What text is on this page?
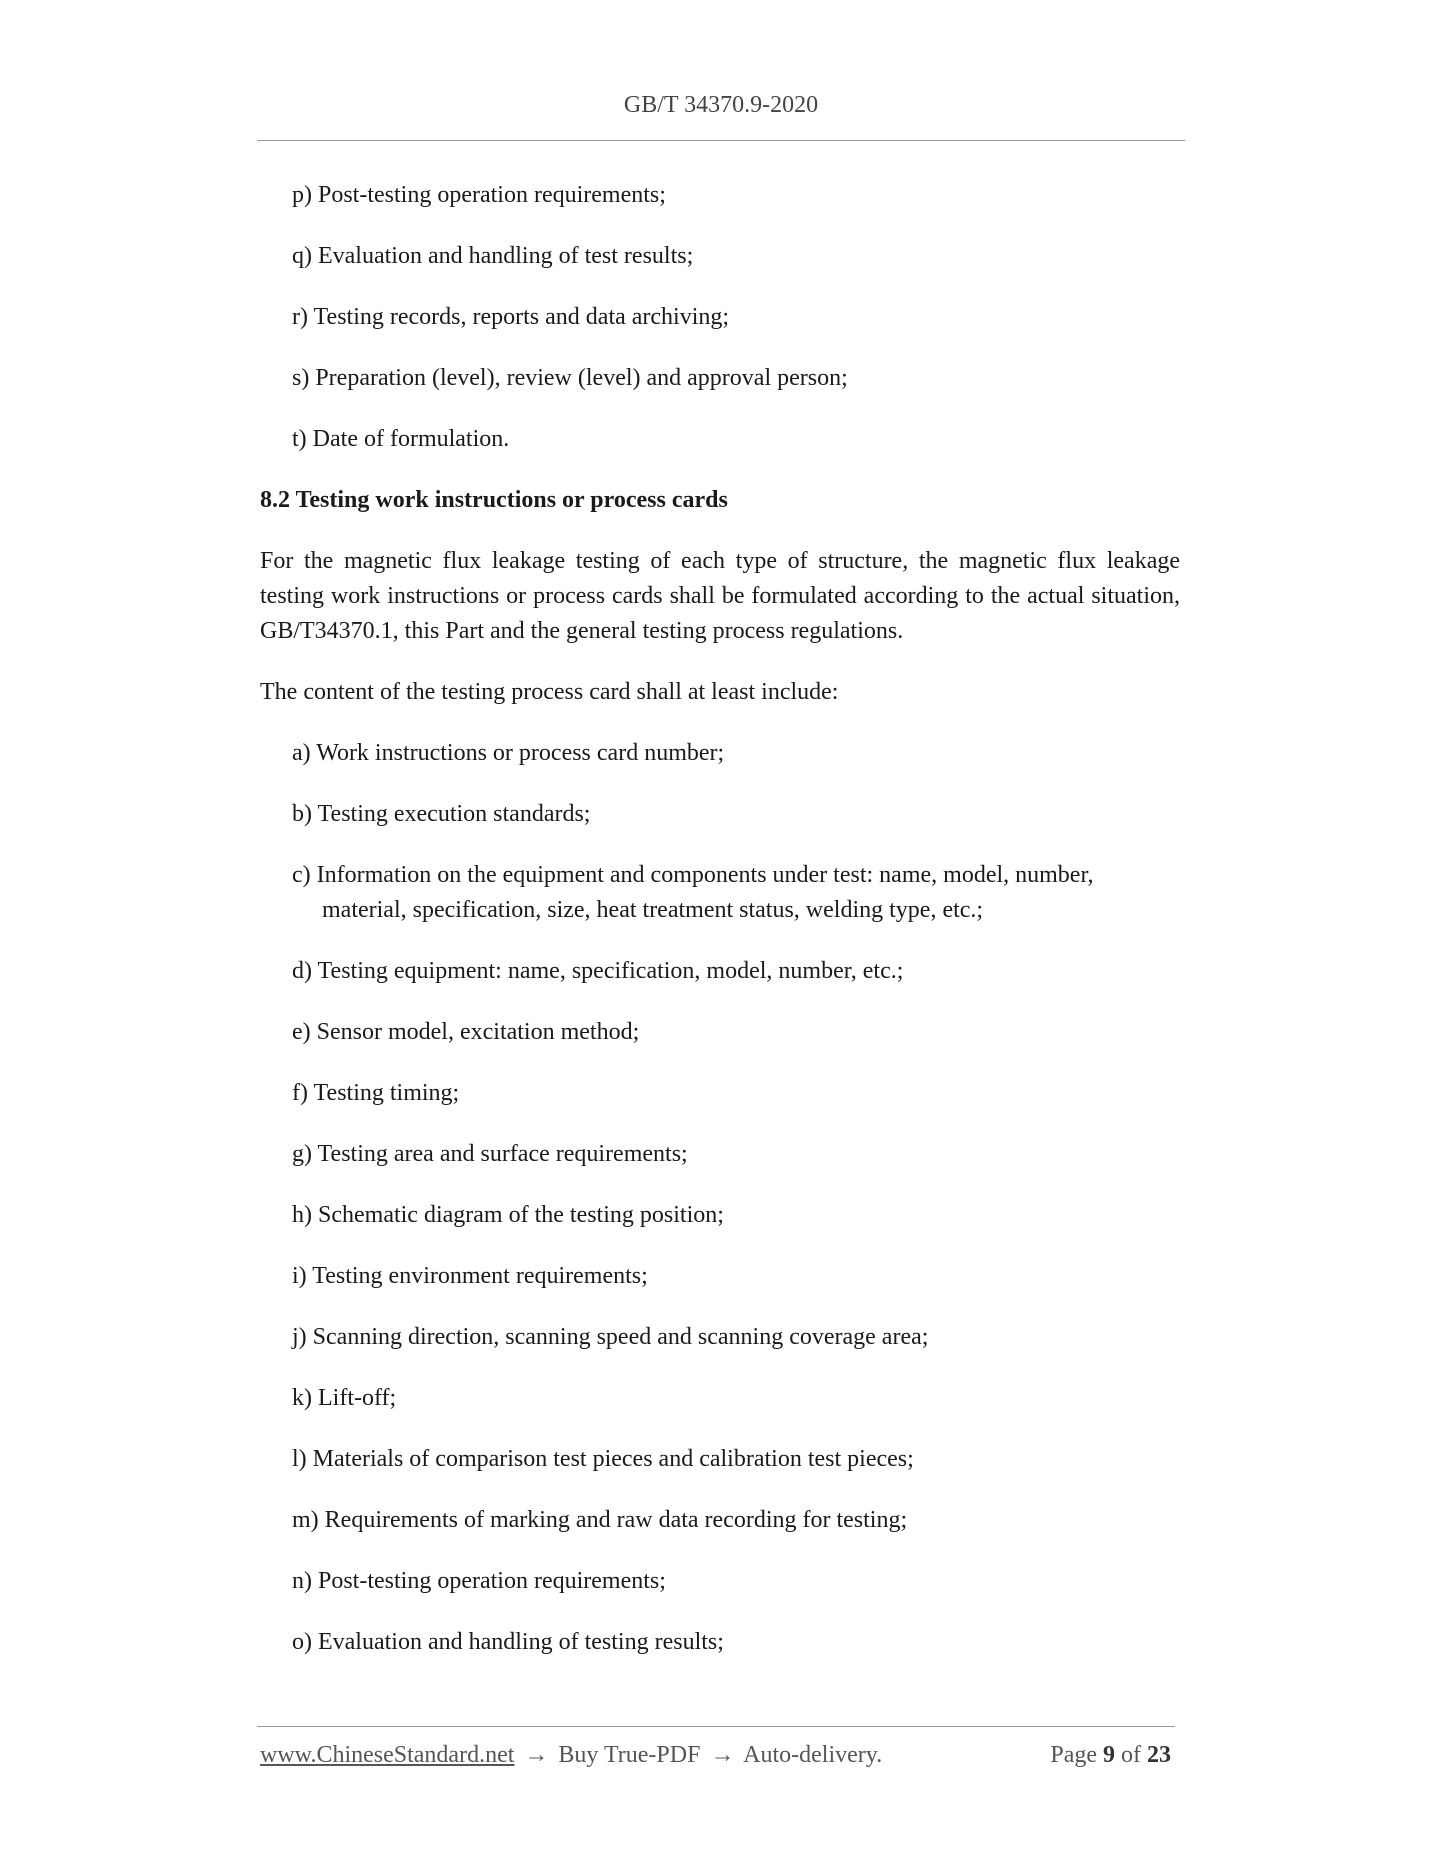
GB/T 34370.9-2020

p) Post-testing operation requirements;

q) Evaluation and handling of test results;

r) Testing records, reports and data archiving;

s) Preparation (level), review (level) and approval person;

t) Date of formulation.

8.2 Testing work instructions or process cards

For the magnetic flux leakage testing of each type of structure, the magnetic flux leakage testing work instructions or process cards shall be formulated according to the actual situation, GB/T34370.1, this Part and the general testing process regulations.

The content of the testing process card shall at least include:

a) Work instructions or process card number;

b) Testing execution standards;

c) Information on the equipment and components under test: name, model, number, material, specification, size, heat treatment status, welding type, etc.;

d) Testing equipment: name, specification, model, number, etc.;

e) Sensor model, excitation method;

f) Testing timing;

g) Testing area and surface requirements;

h) Schematic diagram of the testing position;

i) Testing environment requirements;

j) Scanning direction, scanning speed and scanning coverage area;

k) Lift-off;

l) Materials of comparison test pieces and calibration test pieces;

m) Requirements of marking and raw data recording for testing;

n) Post-testing operation requirements;

o) Evaluation and handling of testing results;

www.ChineseStandard.net → Buy True-PDF → Auto-delivery.	Page 9 of 23
